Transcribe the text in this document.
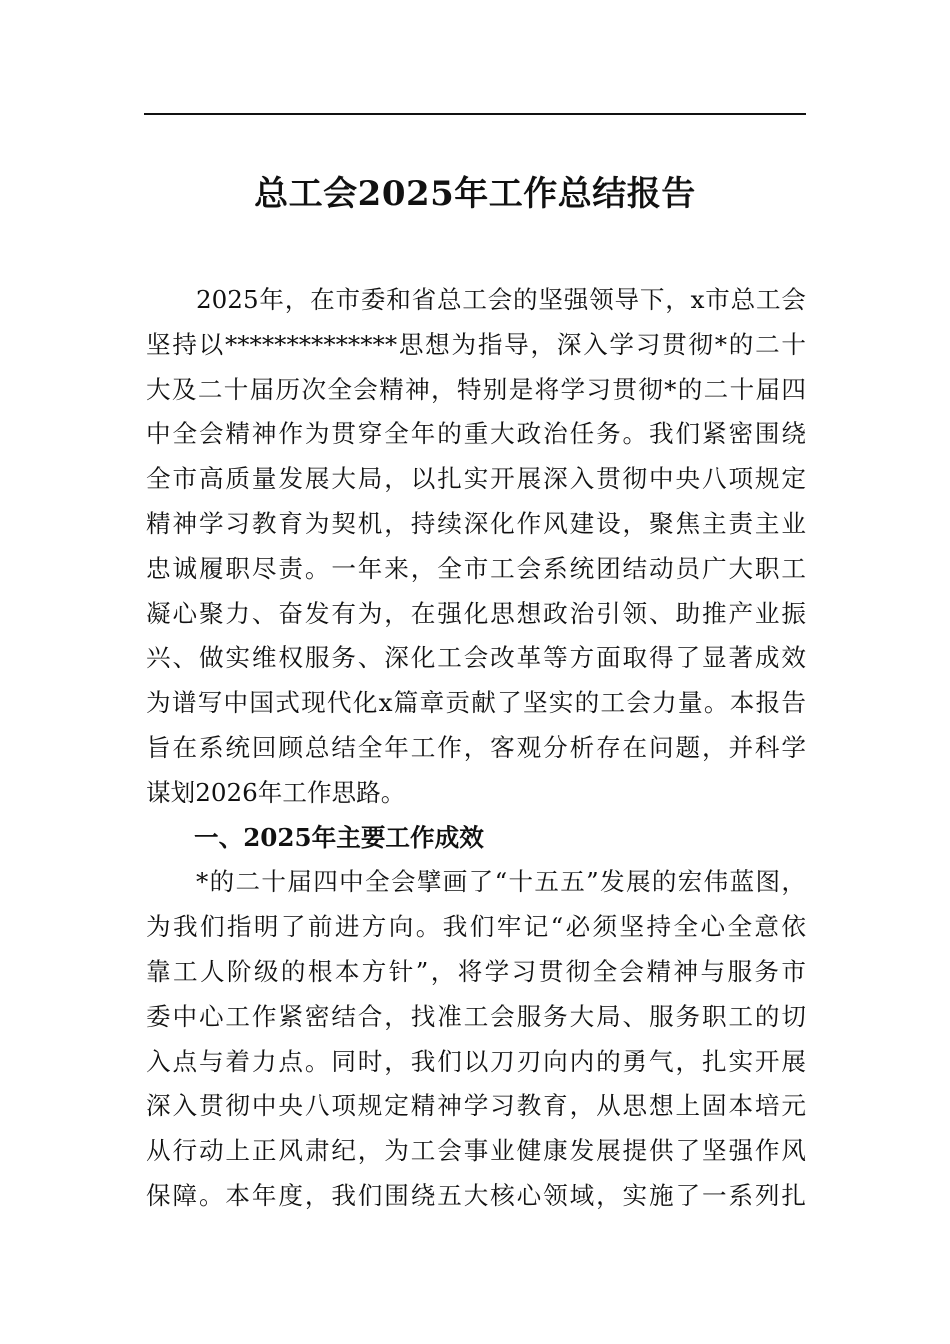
总工会2025年工作总结报告
2025年，在市委和省总工会的坚强领导下，x市总工会
坚持以**************思想为指导，深入学习贯彻*的二十
大及二十届历次全会精神，特别是将学习贯彻*的二十届四
中全会精神作为贯穿全年的重大政治任务。我们紧密围绕
全市高质量发展大局，以扎实开展深入贯彻中央八项规定
精神学习教育为契机，持续深化作风建设，聚焦主责主业
忠诚履职尽责。一年来，全市工会系统团结动员广大职工
凝心聚力、奋发有为，在强化思想政治引领、助推产业振
兴、做实维权服务、深化工会改革等方面取得了显著成效
为谱写中国式现代化x篇章贡献了坚实的工会力量。本报告
旨在系统回顾总结全年工作，客观分析存在问题，并科学
谋划2026年工作思路。
一、2025年主要工作成效
*的二十届四中全会擘画了“十五五”发展的宏伟蓝图，
为我们指明了前进方向。我们牢记“必须坚持全心全意依
靠工人阶级的根本方针”，将学习贯彻全会精神与服务市
委中心工作紧密结合，找准工会服务大局、服务职工的切
入点与着力点。同时，我们以刀刃向内的勇气，扎实开展
深入贯彻中央八项规定精神学习教育，从思想上固本培元
从行动上正风肃纪，为工会事业健康发展提供了坚强作风
保障。本年度，我们围绕五大核心领域，实施了一系列扎
